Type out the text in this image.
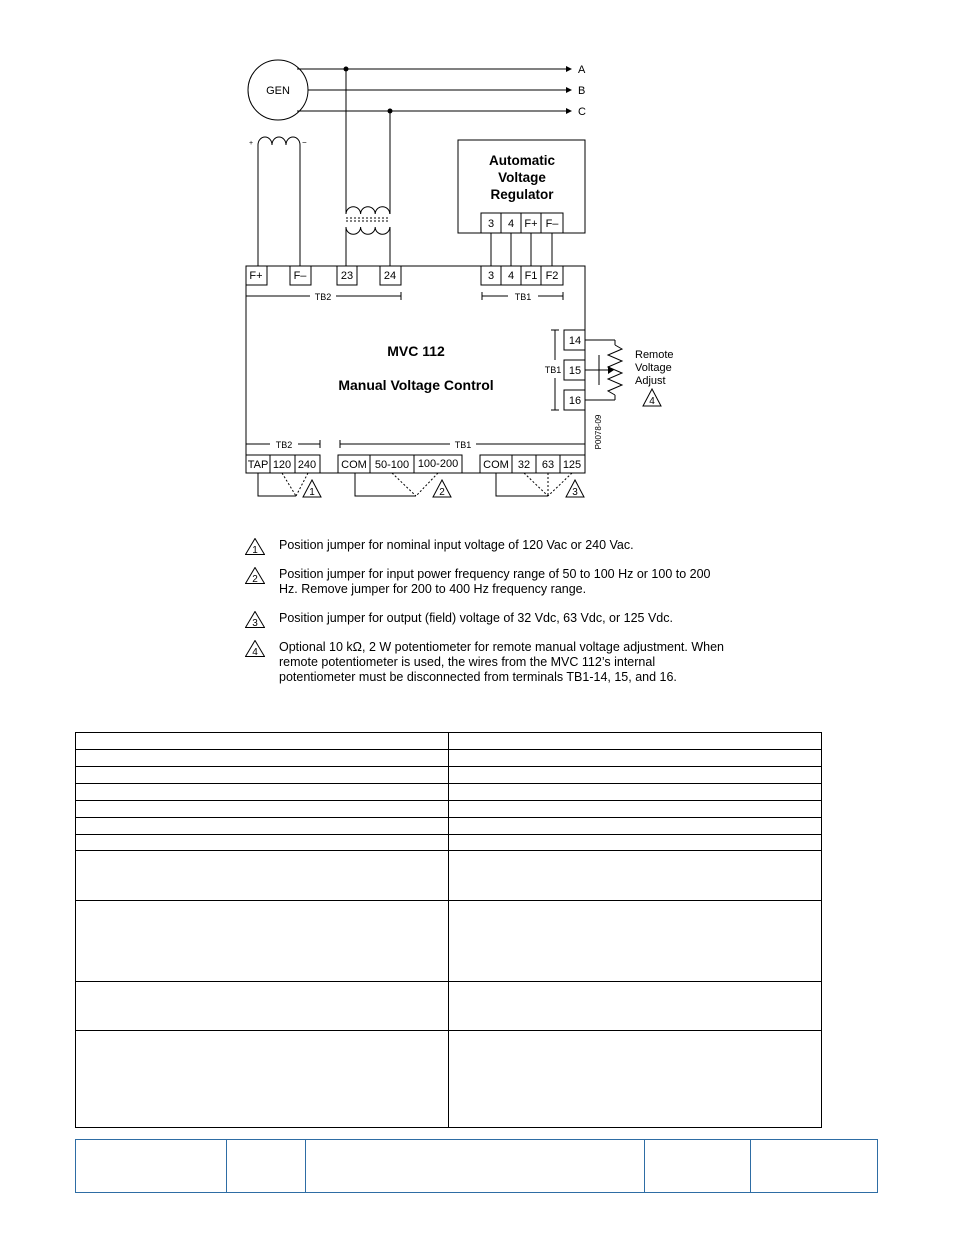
GEN
A
B
C
+	−
Automatic
Voltage
Regulator
3 4 F+ F–
F+	F–	23	24	3 4 F1 F2
TB2	TB1
MVC 112
Manual Voltage Control
TB1
14
15
16
Remote
Voltage
Adjust
4
P0078-09
TB2	TB1
TAP 120 240 COM 50-100 100-200 COM 32 63 125
1	2	3
1 Position jumper for nominal input voltage of 120 Vac or 240 Vac.
2 Position jumper for input power frequency range of 50 to 100 Hz or 100 to 200 Hz. Remove jumper for 200 to 400 Hz frequency range.
3 Position jumper for output (field) voltage of 32 Vdc, 63 Vdc, or 125 Vdc.
4 Optional 10 kΩ, 2 W potentiometer for remote manual voltage adjustment. When remote potentiometer is used, the wires from the MVC 112’s internal potentiometer must be disconnected from terminals TB1-14, 15, and 16.
